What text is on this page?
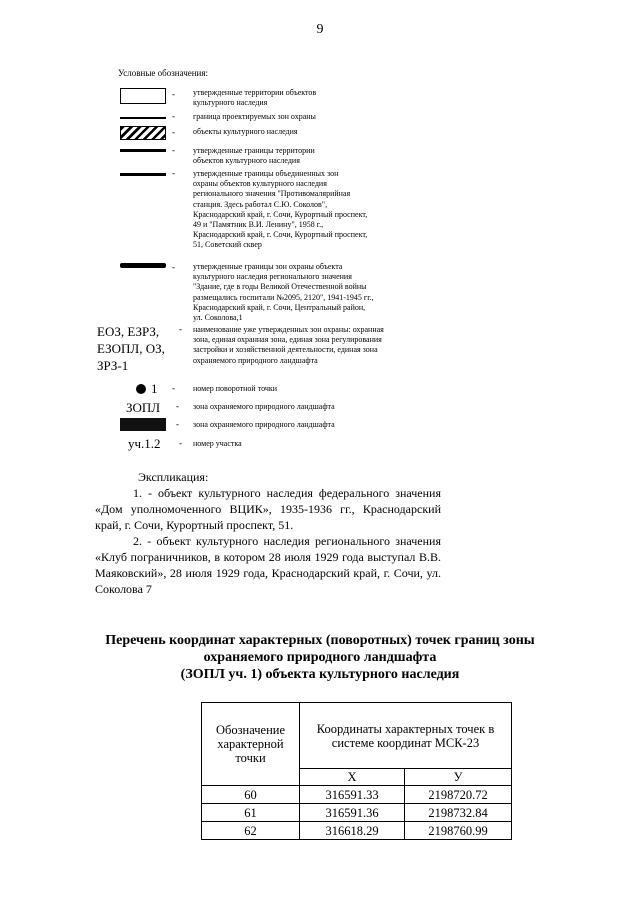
9
Условные обозначения:
- утвержденные территории объектов
культурного наследия
- граница проектируемых зон охраны
- объекты культурного наследия
- утвержденные границы территории
объектов культурного наследия
- утвержденные границы объединенных зон
охраны объектов культурного наследия
регионального значения "Противомалярийная
станция. Здесь работал С.Ю. Соколов",
Краснодарский край, г. Сочи, Курортный проспект,
49 и "Памятник В.И. Ленину", 1958 г.,
Краснодарский край, г. Сочи, Курортный проспект,
51, Советский сквер
- утвержденные границы зон охраны объекта
культурного наследия регионального значения
"Здание, где в годы Великой Отечественной войны
размещались госпитали №2095, 2120", 1941-1945 гг.,
Краснодарский край, г. Сочи, Центральный район,
ул. Соколова,1
ЕОЗ, ЕЗРЗ,
ЕЗОПЛ, ОЗ,
ЗРЗ-1
- наименование уже утвержденных зон охраны: охранная
зона, единая охранная зона, единая зона регулирования
застройки и хозяйственной деятельности, единая зона
охраняемого природного ландшафта
1 - номер поворотной точки
ЗОПЛ - зона охраняемого природного ландшафта
- зона охраняемого природного ландшафта
уч.1.2 - номер участка

Экспликация:

1. - объект культурного наследия федерального значения «Дом уполномоченного ВЦИК», 1935-1936 гг., Краснодарский край, г. Сочи, Курортный проспект, 51.

2. - объект культурного наследия регионального значения «Клуб пограничников, в котором 28 июля 1929 года выступал В.В. Маяковский», 28 июля 1929 года, Краснодарский край, г. Сочи, ул. Соколова 7

Перечень координат характерных (поворотных) точек границ зоны
охраняемого природного ландшафта
(ЗОПЛ уч. 1) объекта культурного наследия
Обозначение характерной точки	Координаты характерных точек в системе координат МСК-23	
	X	У
60	316591.33	2198720.72
61	316591.36	2198732.84
62	316618.29	2198760.99
